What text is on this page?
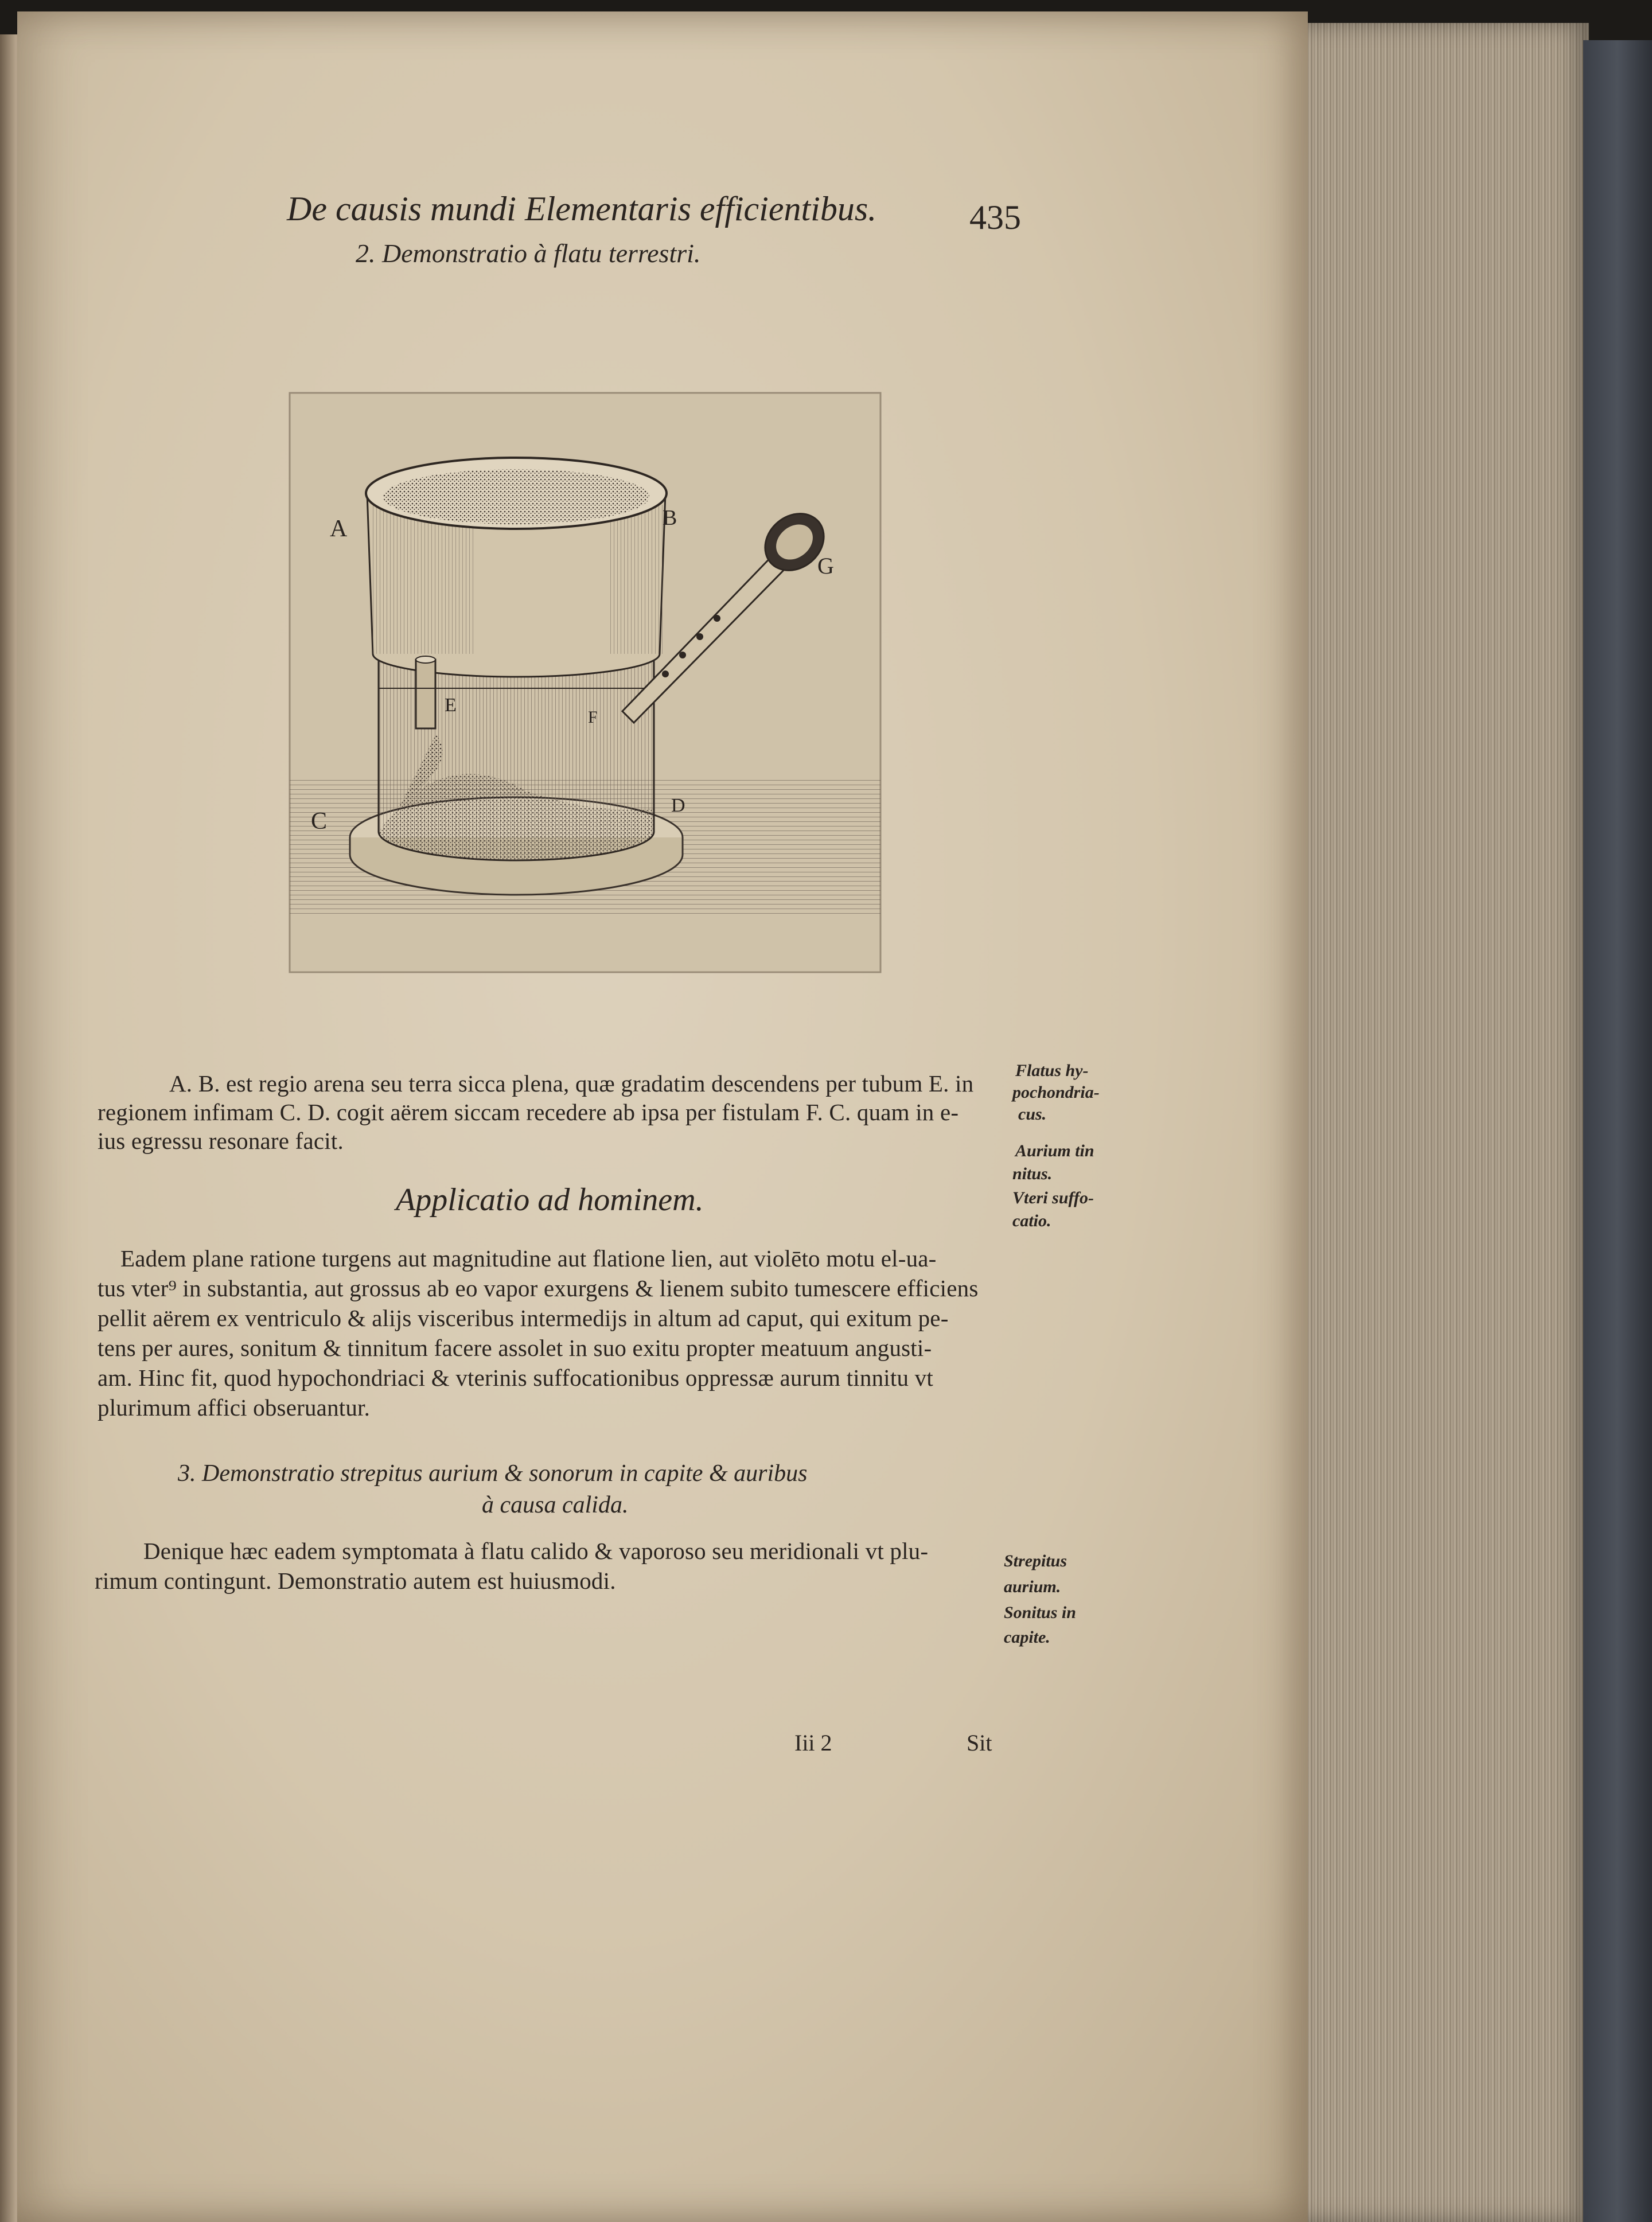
De causis mundi Elementaris efficientibus.	435
2. Demonstratio à flatu terrestri.
A	B
G
E
F
C
D
A. B. est regio arena seu terra sicca plena, quæ gradatim descendens per tubum E. in
regionem infimam C. D. cogit aërem siccam recedere ab ipsa per fistulam F. C. quam in e-
ius egressu resonare facit.
Applicatio ad hominem.
Eadem plane ratione turgens aut magnitudine aut flatione lien, aut violēto motu el-ua-
tus vter⁹ in substantia, aut grossus ab eo vapor exurgens & lienem subito tumescere efficiens
pellit aërem ex ventriculo & alijs visceribus intermedijs in altum ad caput, qui exitum pe-
tens per aures, sonitum & tinnitum facere assolet in suo exitu propter meatuum angusti-
am. Hinc fit, quod hypochondriaci & vterinis suffocationibus oppressæ aurum tinnitu vt
plurimum affici obseruantur.
3. Demonstratio strepitus aurium & sonorum in capite & auribus
à causa calida.
Denique hæc eadem symptomata à flatu calido & vaporoso seu meridionali vt plu-
rimum contingunt. Demonstratio autem est huiusmodi.
Flatus hy-
pochondria-
cus.
Aurium tin
nitus.
Vteri suffo-
catio.
Strepitus
aurium.
Sonitus in
capite.
Iii 2	Sit
